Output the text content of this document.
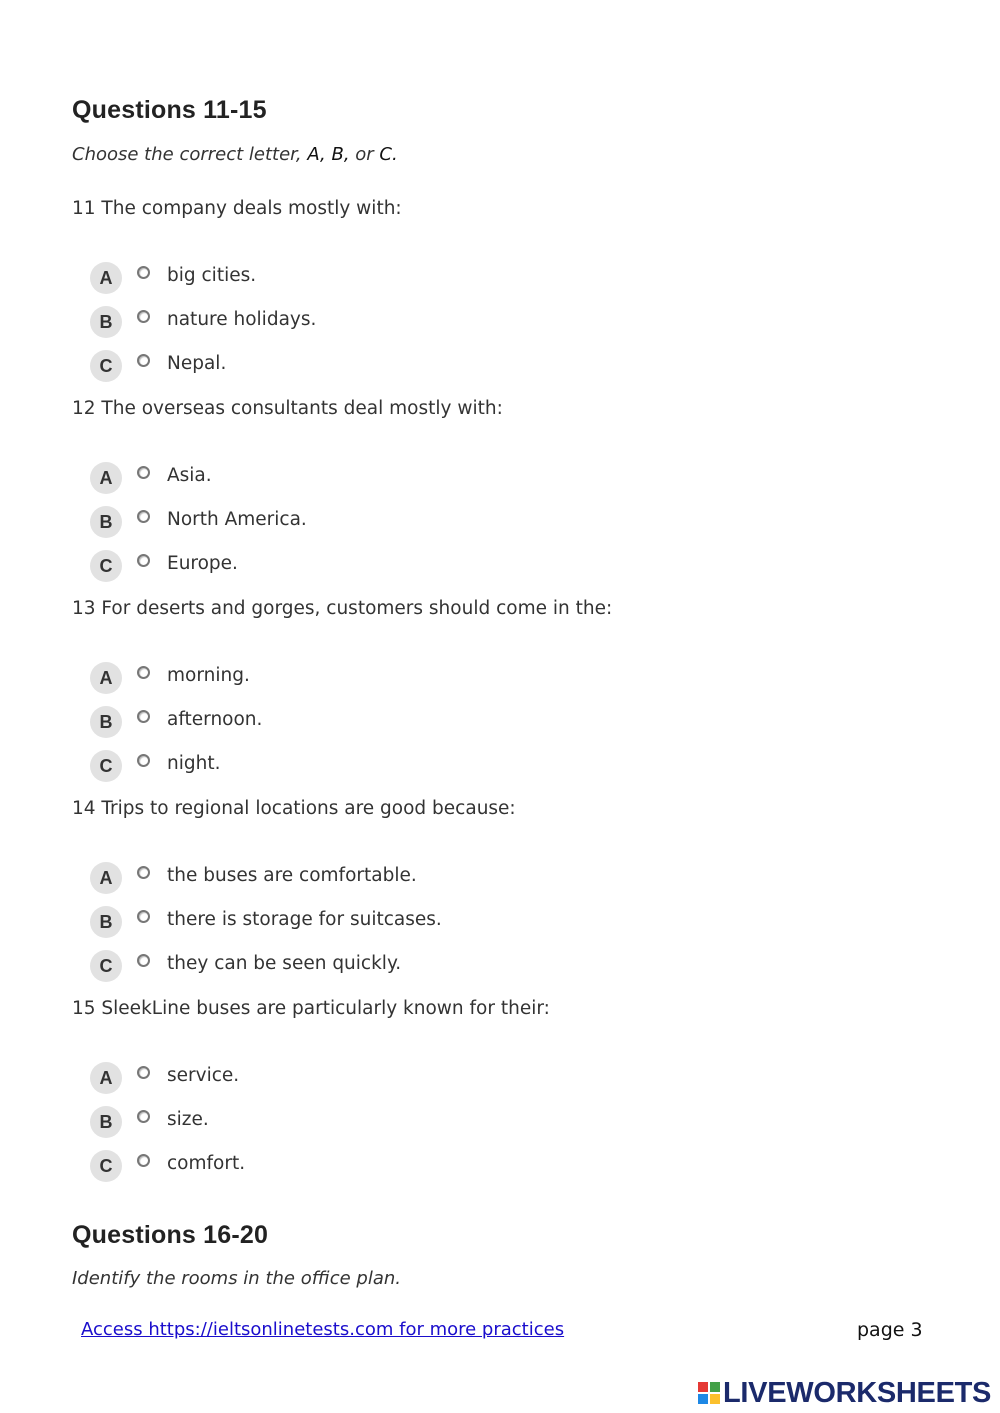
Questions 11-15
Choose the correct letter, A, B, or C.
11 The company deals mostly with:
A	big cities.
B	nature holidays.
C	Nepal.
12 The overseas consultants deal mostly with:
A	Asia.
B	North America.
C	Europe.
13 For deserts and gorges, customers should come in the:
A	morning.
B	afternoon.
C	night.
14 Trips to regional locations are good because:
A	the buses are comfortable.
B	there is storage for suitcases.
C	they can be seen quickly.
15 SleekLine buses are particularly known for their:
A	service.
B	size.
C	comfort.
Questions 16-20
Identify the rooms in the office plan.
Access https://ieltsonlinetests.com for more practices	page 3
LIVEWORKSHEETS
